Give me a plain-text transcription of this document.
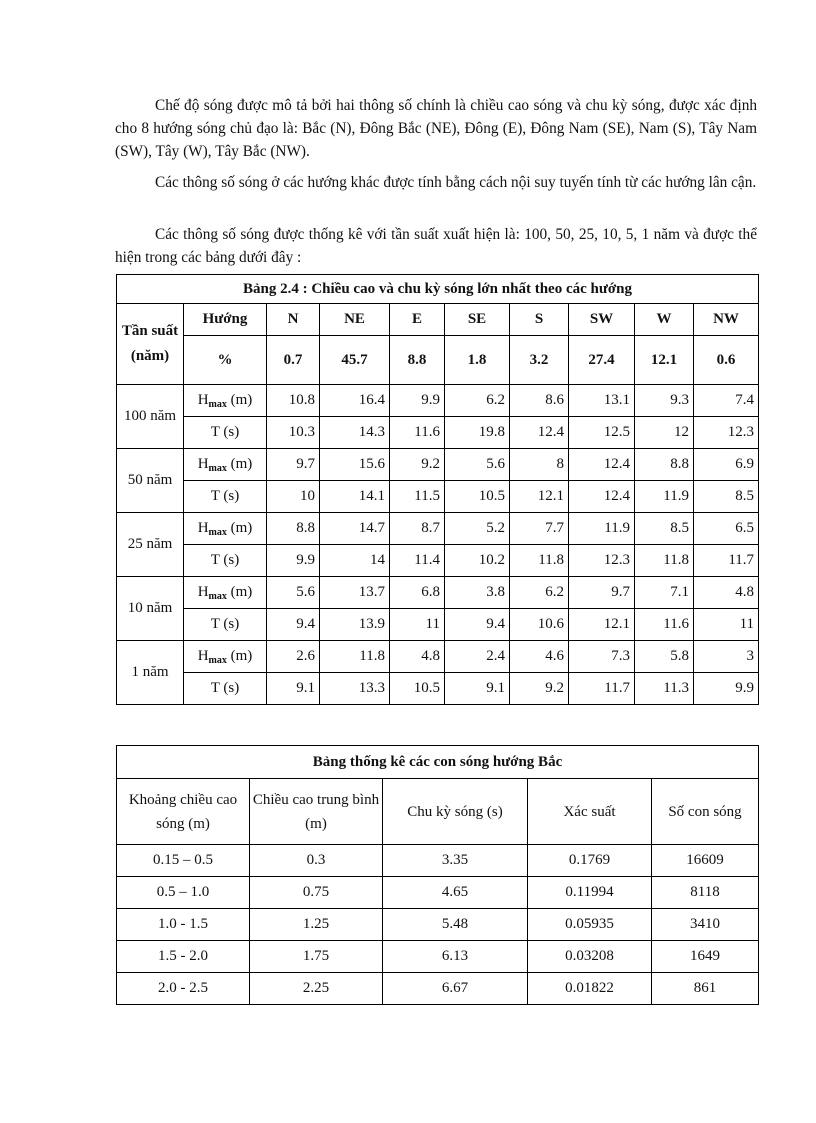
Chế độ sóng được mô tả bởi hai thông số chính là chiều cao sóng và chu kỳ sóng, được xác định cho 8 hướng sóng chủ đạo là: Bắc (N), Đông Bắc (NE), Đông (E), Đông Nam (SE), Nam (S), Tây Nam (SW), Tây (W), Tây Bắc (NW).

Các thông số sóng ở các hướng khác được tính bằng cách nội suy tuyến tính từ các hướng lân cận.

Các thông số sóng được thống kê với tần suất xuất hiện là: 100, 50, 25, 10, 5, 1 năm và được thể hiện trong các bảng dưới đây :

Bảng 2.4 : Chiều cao và chu kỳ sóng lớn nhất theo các hướng									
Tần suất (năm)	Hướng	N	NE	E	SE	S	SW	W	NW
	%	0.7	45.7	8.8	1.8	3.2	27.4	12.1	0.6
100 năm	$H_{max}$ (m)	10.8	16.4	9.9	6.2	8.6	13.1	9.3	7.4
	T (s)	10.3	14.3	11.6	19.8	12.4	12.5	12	12.3
50 năm	$H_{max}$ (m)	9.7	15.6	9.2	5.6	8	12.4	8.8	6.9
	T (s)	10	14.1	11.5	10.5	12.1	12.4	11.9	8.5
25 năm	$H_{max}$ (m)	8.8	14.7	8.7	5.2	7.7	11.9	8.5	6.5
	T (s)	9.9	14	11.4	10.2	11.8	12.3	11.8	11.7
10 năm	$H_{max}$ (m)	5.6	13.7	6.8	3.8	6.2	9.7	7.1	4.8
	T (s)	9.4	13.9	11	9.4	10.6	12.1	11.6	11
1 năm	$H_{max}$ (m)	2.6	11.8	4.8	2.4	4.6	7.3	5.8	3
	T (s)	9.1	13.3	10.5	9.1	9.2	11.7	11.3	9.9
Bảng thống kê các con sóng hướng Bắc				
Khoảng chiều cao sóng (m)	Chiều cao trung bình (m)	Chu kỳ sóng (s)	Xác suất	Số con sóng
0.15 – 0.5	0.3	3.35	0.1769	16609
0.5 – 1.0	0.75	4.65	0.11994	8118
1.0 - 1.5	1.25	5.48	0.05935	3410
1.5 - 2.0	1.75	6.13	0.03208	1649
2.0 - 2.5	2.25	6.67	0.01822	861
